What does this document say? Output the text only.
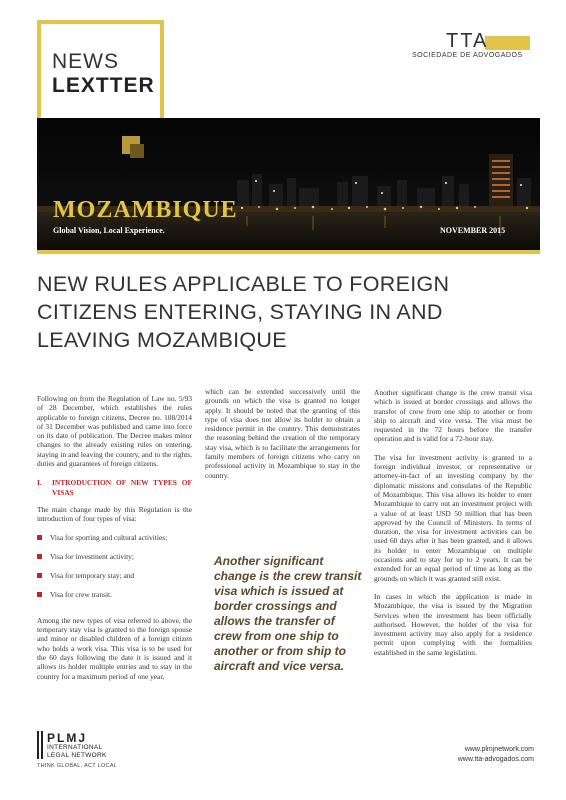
NEWS
LEXTTER
TTA
SOCIEDADE DE ADVOGADOS
MOZAMBIQUE
Global Vision, Local Experience.	NOVEMBER 2015
NEW RULES APPLICABLE TO FOREIGN CITIZENS ENTERING, STAYING IN AND LEAVING MOZAMBIQUE

Following on from the Regulation of Law no. 5/93 of 28 December, which establishes the rules applicable to foreign citizens, Decree no. 108/2014 of 31 December was published and came into force on its date of publication. The Decree makes minor changes to the already existing rules on entering, staying in and leaving the country, and to the rights, duties and guarantees of foreign citizens.

I.	INTRODUCTION OF NEW TYPES OF VISAS

The main change made by this Regulation is the introduction of four types of visa:

Visa for sporting and cultural activities;
Visa for investment activity;
Visa for temporary stay; and
Visa for crew transit.

Among the new types of visa referred to above, the temporary stay visa is granted to the foreign spouse and minor or disabled children of a foreign citizen who holds a work visa. This visa is to be used for the 60 days following the date it is issued and it allows its holder multiple entries and to stay in the country for a maximum period of one year,

which can be extended successively until the grounds on which the visa is granted no longer apply. It should be noted that the granting of this type of visa does not allow its holder to obtain a residence permit in the country. This demonstrates the reasoning behind the creation of the temporary stay visa, which is to facilitate the arrangements for family members of foreign citizens who carry on professional activity in Mozambique to stay in the country.

Another significant change is the crew transit visa which is issued at border crossings and allows the transfer of crew from one ship to another or from ship to aircraft and vice versa.

Another significant change is the crew transit visa which is issued at border crossings and allows the transfer of crew from one ship to another or from ship to aircraft and vice versa. The visa must be requested in the 72 hours before the transfer operation and is valid for a 72-hour stay.

The visa for investment activity is granted to a foreign individual investor, or representative or attorney-in-fact of an investing company by the diplomatic missions and consulates of the Republic of Mozambique. This visa allows its holder to enter Mozambique to carry out an investment project with a value of at least USD 50 million that has been approved by the Council of Ministers. In terms of duration, the visa for investment activities can be used 60 days after it has been granted, and it allows its holder to enter Mozambique on multiple occasions and to stay for up to 2 years. It can be extended for an equal period of time as long as the grounds on which it was granted still exist.

In cases in which the application is made in Mozambique, the visa is issued by the Migration Services when the investment has been officially authorised. However, the holder of the visa for investment activity may also apply for a residence permit upon complying with the formalities established in the same legislation.

PLMJ
INTERNATIONAL
LEGAL NETWORK
THINK GLOBAL, ACT LOCAL
www.plmjnetwork.com
www.tta-advogados.com
